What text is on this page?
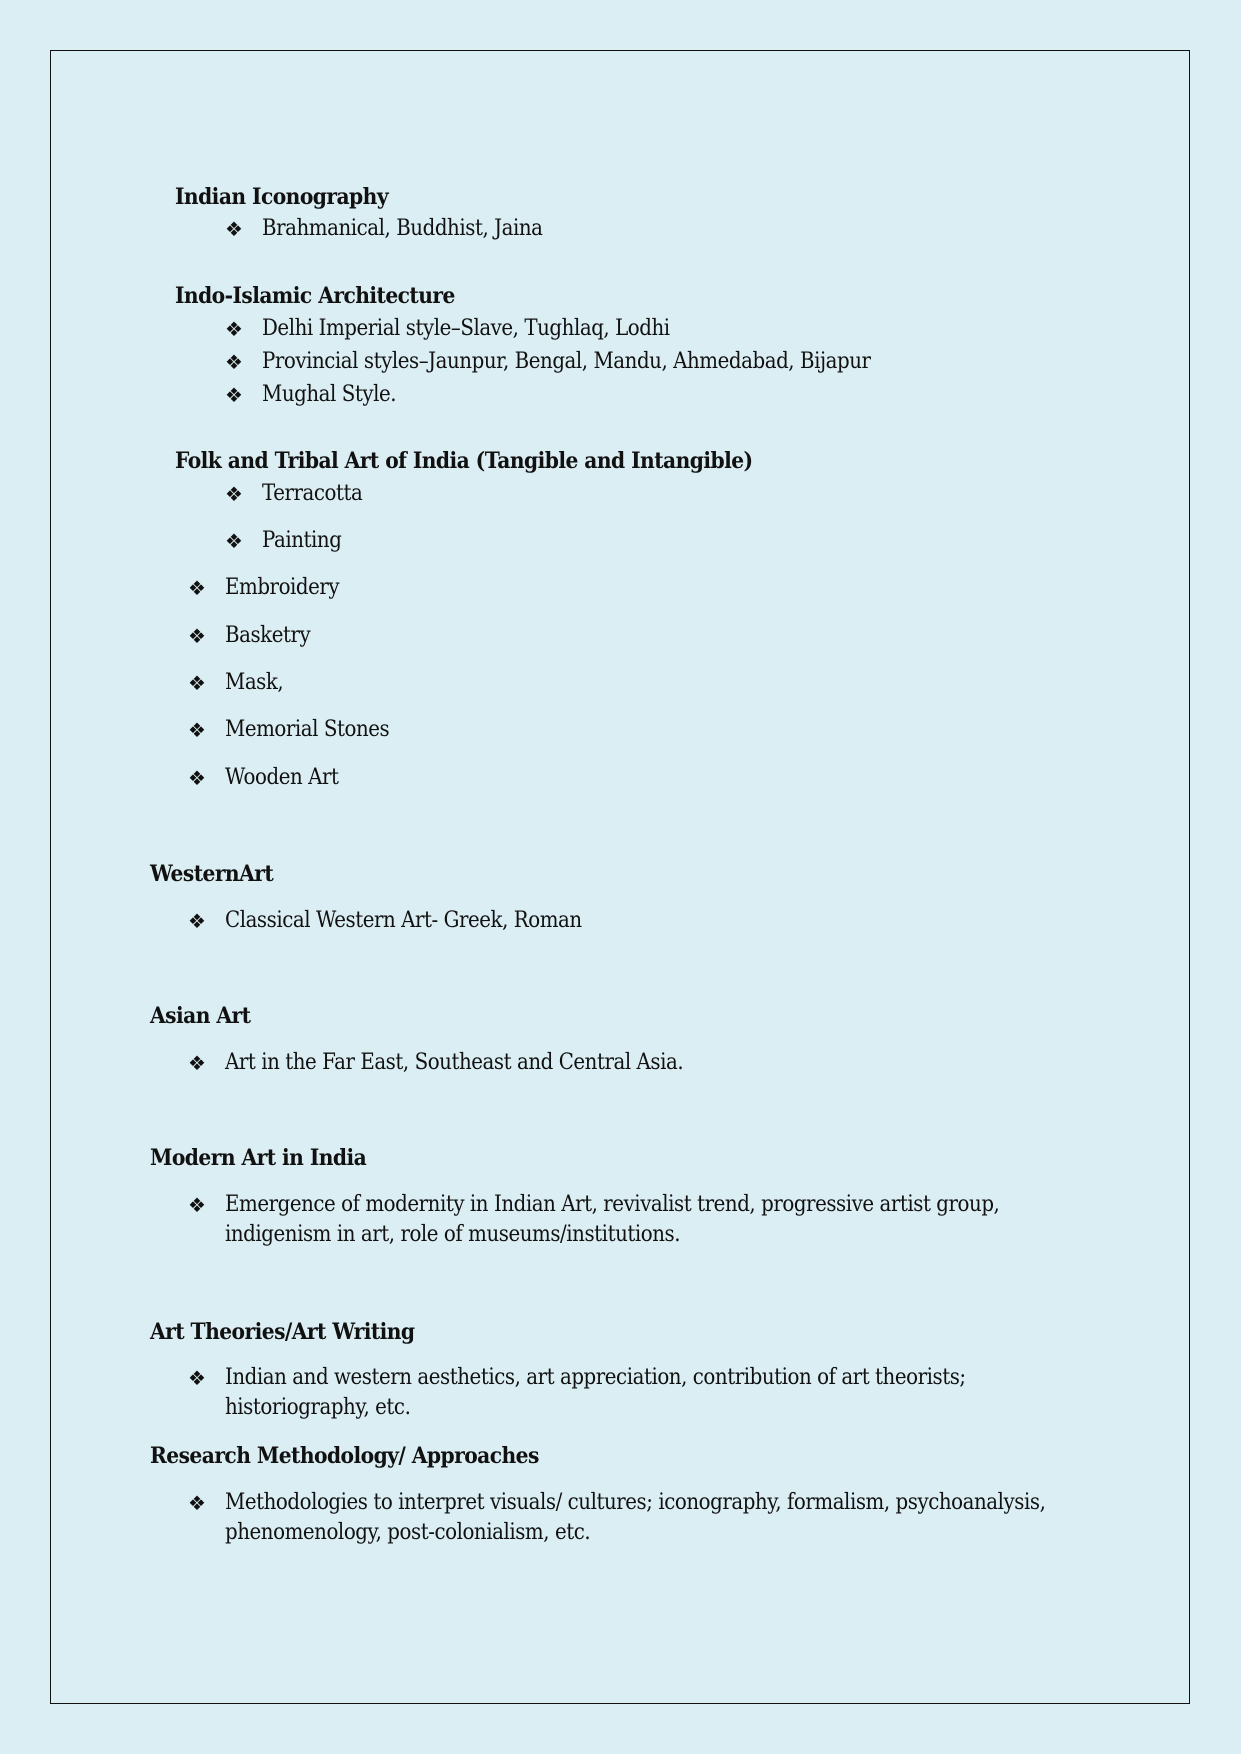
Indian Iconography
❖ Brahmanical, Buddhist, Jaina
Indo-Islamic Architecture
❖ Delhi Imperial style–Slave, Tughlaq, Lodhi
❖ Provincial styles–Jaunpur, Bengal, Mandu, Ahmedabad, Bijapur
❖ Mughal Style.
Folk and Tribal Art of India (Tangible and Intangible)
❖ Terracotta
❖ Painting
❖ Embroidery
❖ Basketry
❖ Mask,
❖ Memorial Stones
❖ Wooden Art
WesternArt
❖ Classical Western Art- Greek, Roman
Asian Art
❖ Art in the Far East, Southeast and Central Asia.
Modern Art in India
❖ Emergence of modernity in Indian Art, revivalist trend, progressive artist group, indigenism in art, role of museums/institutions.
Art Theories/Art Writing
❖ Indian and western aesthetics, art appreciation, contribution of art theorists; historiography, etc.
Research Methodology/ Approaches
❖ Methodologies to interpret visuals/ cultures; iconography, formalism, psychoanalysis, phenomenology, post-colonialism, etc.
